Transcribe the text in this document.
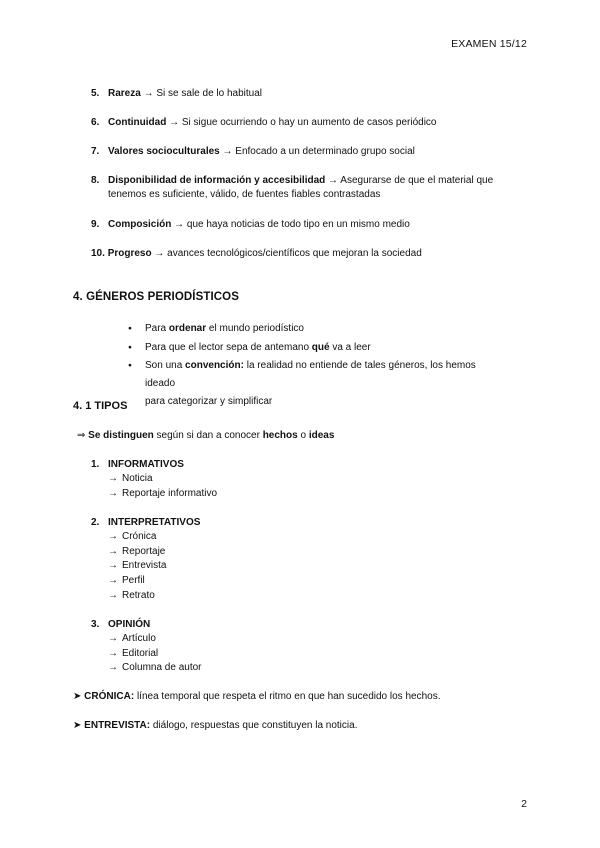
EXAMEN 15/12
5. Rareza → Si se sale de lo habitual
6. Continuidad → Si sigue ocurriendo o hay un aumento de casos periódico
7. Valores socioculturales → Enfocado a un determinado grupo social
8. Disponibilidad de información y accesibilidad → Asegurarse de que el material que
tenemos es suficiente, válido, de fuentes fiables contrastadas
9. Composición → que haya noticias de todo tipo en un mismo medio
10. Progreso → avances tecnológicos/científicos que mejoran la sociedad
4. GÉNEROS PERIODÍSTICOS
● Para ordenar el mundo periodístico
● Para que el lector sepa de antemano qué va a leer
● Son una convención: la realidad no entiende de tales géneros, los hemos ideado
para categorizar y simplificar
4. 1 TIPOS
⇒ Se distinguen según si dan a conocer hechos o ideas
1. INFORMATIVOS
→ Noticia
→ Reportaje informativo
2. INTERPRETATIVOS
→ Crónica
→ Reportaje
→ Entrevista
→ Perfil
→ Retrato
3. OPINIÓN
→ Artículo
→ Editorial
→ Columna de autor
➤ CRÓNICA: línea temporal que respeta el ritmo en que han sucedido los hechos.
➤ ENTREVISTA: diálogo, respuestas que constituyen la noticia.
2
